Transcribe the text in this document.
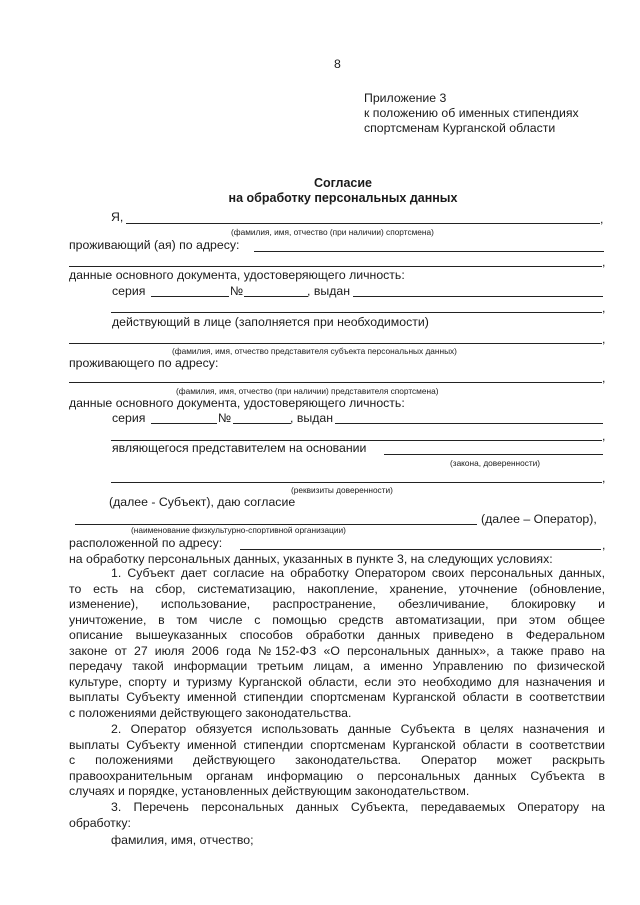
8
Приложение 3
к положению об именных стипендиях
спортсменам Курганской области
Согласие
на обработку персональных данных
Я,	,
(фамилия, имя, отчество (при наличии) спортсмена)
проживающий (ая) по адресу:
,
данные основного документа, удостоверяющего личность:
серия	№	, выдан
,
действующий в лице (заполняется при необходимости)
,
(фамилия, имя, отчество представителя субъекта персональных данных)
проживающего по адресу:
,
(фамилия, имя, отчество (при наличии) представителя спортсмена)
данные основного документа, удостоверяющего личность:
серия	№	, выдан
,
являющегося представителем на основании
(закона, доверенности)
,
(реквизиты доверенности)
(далее - Субъект), даю согласие
(далее – Оператор),
(наименование физкультурно-спортивной организации)
расположенной по адресу:	,
на обработку персональных данных, указанных в пункте 3, на следующих условиях:
1. Субъект дает согласие на обработку Оператором своих персональных данных,
то есть на сбор, систематизацию, накопление, хранение, уточнение (обновление,
изменение), использование, распространение, обезличивание, блокировку и
уничтожение, в том числе с помощью средств автоматизации, при этом общее
описание вышеуказанных способов обработки данных приведено в Федеральном
законе от 27 июля 2006 года №152-ФЗ «О персональных данных», а также право на
передачу такой информации третьим лицам, а именно Управлению по физической
культуре, спорту и туризму Курганской области, если это необходимо для назначения и
выплаты Субъекту именной стипендии спортсменам Курганской области в соответствии
с положениями действующего законодательства.
2. Оператор обязуется использовать данные Субъекта в целях назначения и
выплаты Субъекту именной стипендии спортсменам Курганской области в соответствии
с положениями действующего законодательства. Оператор может раскрыть
правоохранительным органам информацию о персональных данных Субъекта в
случаях и порядке, установленных действующим законодательством.
3. Перечень персональных данных Субъекта, передаваемых Оператору на
обработку:
фамилия, имя, отчество;
